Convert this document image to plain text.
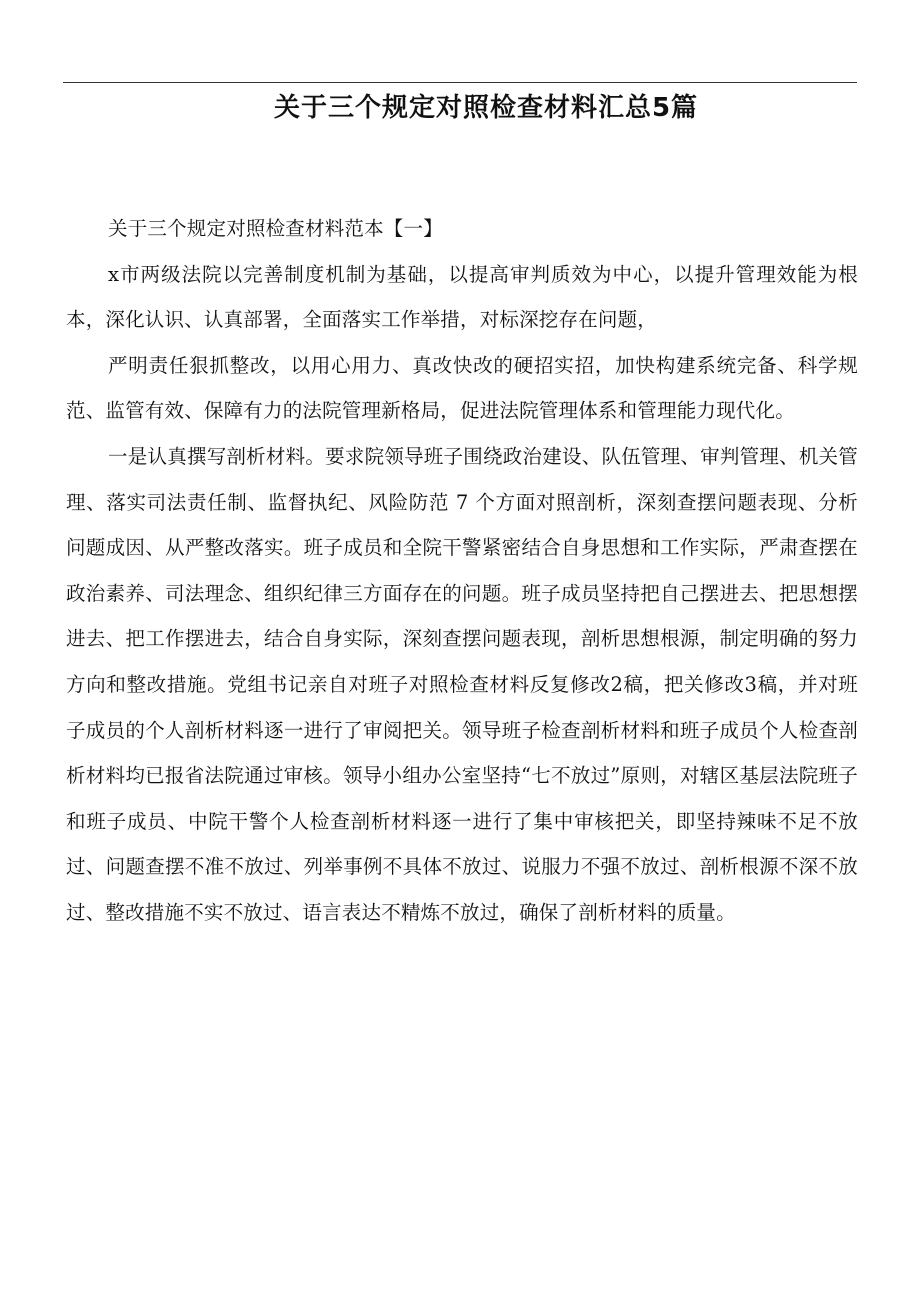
关于三个规定对照检查材料汇总5篇

关于三个规定对照检查材料范本【一】

x市两级法院以完善制度机制为基础，以提高审判质效为中心，以提升管理效能为根本，深化认识、认真部署，全面落实工作举措，对标深挖存在问题，

严明责任狠抓整改，以用心用力、真改快改的硬招实招，加快构建系统完备、科学规范、监管有效、保障有力的法院管理新格局，促进法院管理体系和管理能力现代化。

一是认真撰写剖析材料。要求院领导班子围绕政治建设、队伍管理、审判管理、机关管理、落实司法责任制、监督执纪、风险防范 7 个方面对照剖析，深刻查摆问题表现、分析问题成因、从严整改落实。班子成员和全院干警紧密结合自身思想和工作实际，严肃查摆在政治素养、司法理念、组织纪律三方面存在的问题。班子成员坚持把自己摆进去、把思想摆进去、把工作摆进去，结合自身实际，深刻查摆问题表现，剖析思想根源，制定明确的努力方向和整改措施。党组书记亲自对班子对照检查材料反复修改2稿，把关修改3稿，并对班子成员的个人剖析材料逐一进行了审阅把关。领导班子检查剖析材料和班子成员个人检查剖析材料均已报省法院通过审核。领导小组办公室坚持“七不放过”原则，对辖区基层法院班子和班子成员、中院干警个人检查剖析材料逐一进行了集中审核把关，即坚持辣味不足不放过、问题查摆不准不放过、列举事例不具体不放过、说服力不强不放过、剖析根源不深不放过、整改措施不实不放过、语言表达不精炼不放过，确保了剖析材料的质量。
